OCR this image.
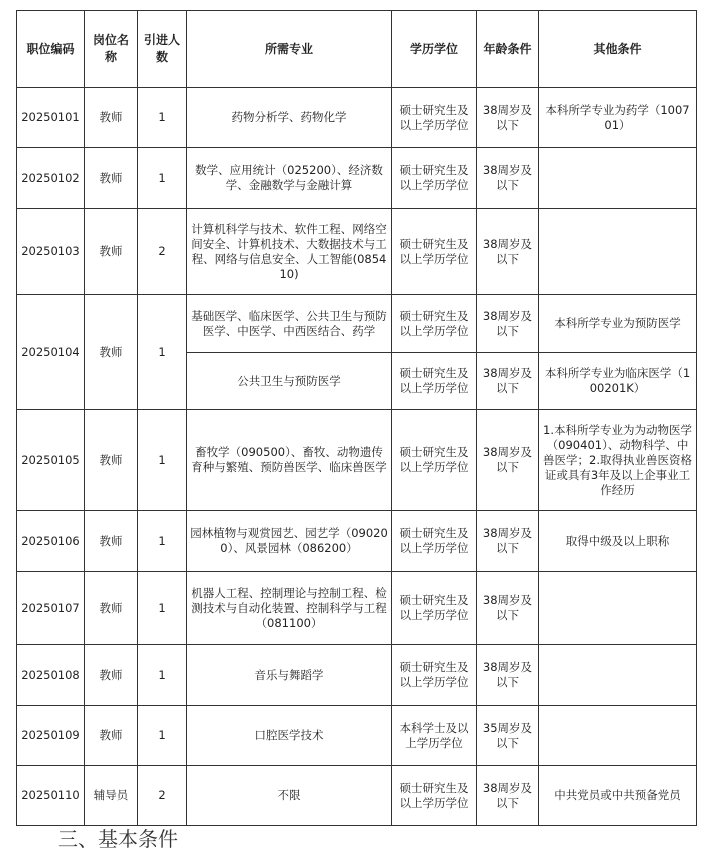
职位编码	岗位名称	引进人数	所需专业	学历学位	年龄条件	其他条件
20250101	教师	1	药物分析学、药物化学	硕士研究生及以上学历学位	38周岁及以下	本科所学专业为药学（100701）
20250102	教师	1	数学、应用统计（025200）、经济数学、金融数学与金融计算	硕士研究生及以上学历学位	38周岁及以下	
20250103	教师	2	计算机科学与技术、软件工程、网络空间安全、计算机技术、大数据技术与工程、网络与信息安全、人工智能(085410)	硕士研究生及以上学历学位	38周岁及以下	
20250104	教师	1	基础医学、临床医学、公共卫生与预防医学、中医学、中西医结合、药学	硕士研究生及以上学历学位	38周岁及以下	本科所学专业为预防医学
			公共卫生与预防医学	硕士研究生及以上学历学位	38周岁及以下	本科所学专业为临床医学（100201K）
20250105	教师	1	畜牧学（090500）、畜牧、动物遗传育种与繁殖、预防兽医学、临床兽医学	硕士研究生及以上学历学位	38周岁及以下	1.本科所学专业为为动物医学（090401）、动物科学、中兽医学；2.取得执业兽医资格证或具有3年及以上企事业工作经历
20250106	教师	1	园林植物与观赏园艺、园艺学（090200）、风景园林（086200）	硕士研究生及以上学历学位	38周岁及以下	取得中级及以上职称
20250107	教师	1	机器人工程、控制理论与控制工程、检测技术与自动化装置、控制科学与工程（081100）	硕士研究生及以上学历学位	38周岁及以下	
20250108	教师	1	音乐与舞蹈学	硕士研究生及以上学历学位	38周岁及以下	
20250109	教师	1	口腔医学技术	本科学士及以上学历学位	35周岁及以下	
20250110	辅导员	2	不限	硕士研究生及以上学历学位	38周岁及以下	中共党员或中共预备党员
三、基本条件
